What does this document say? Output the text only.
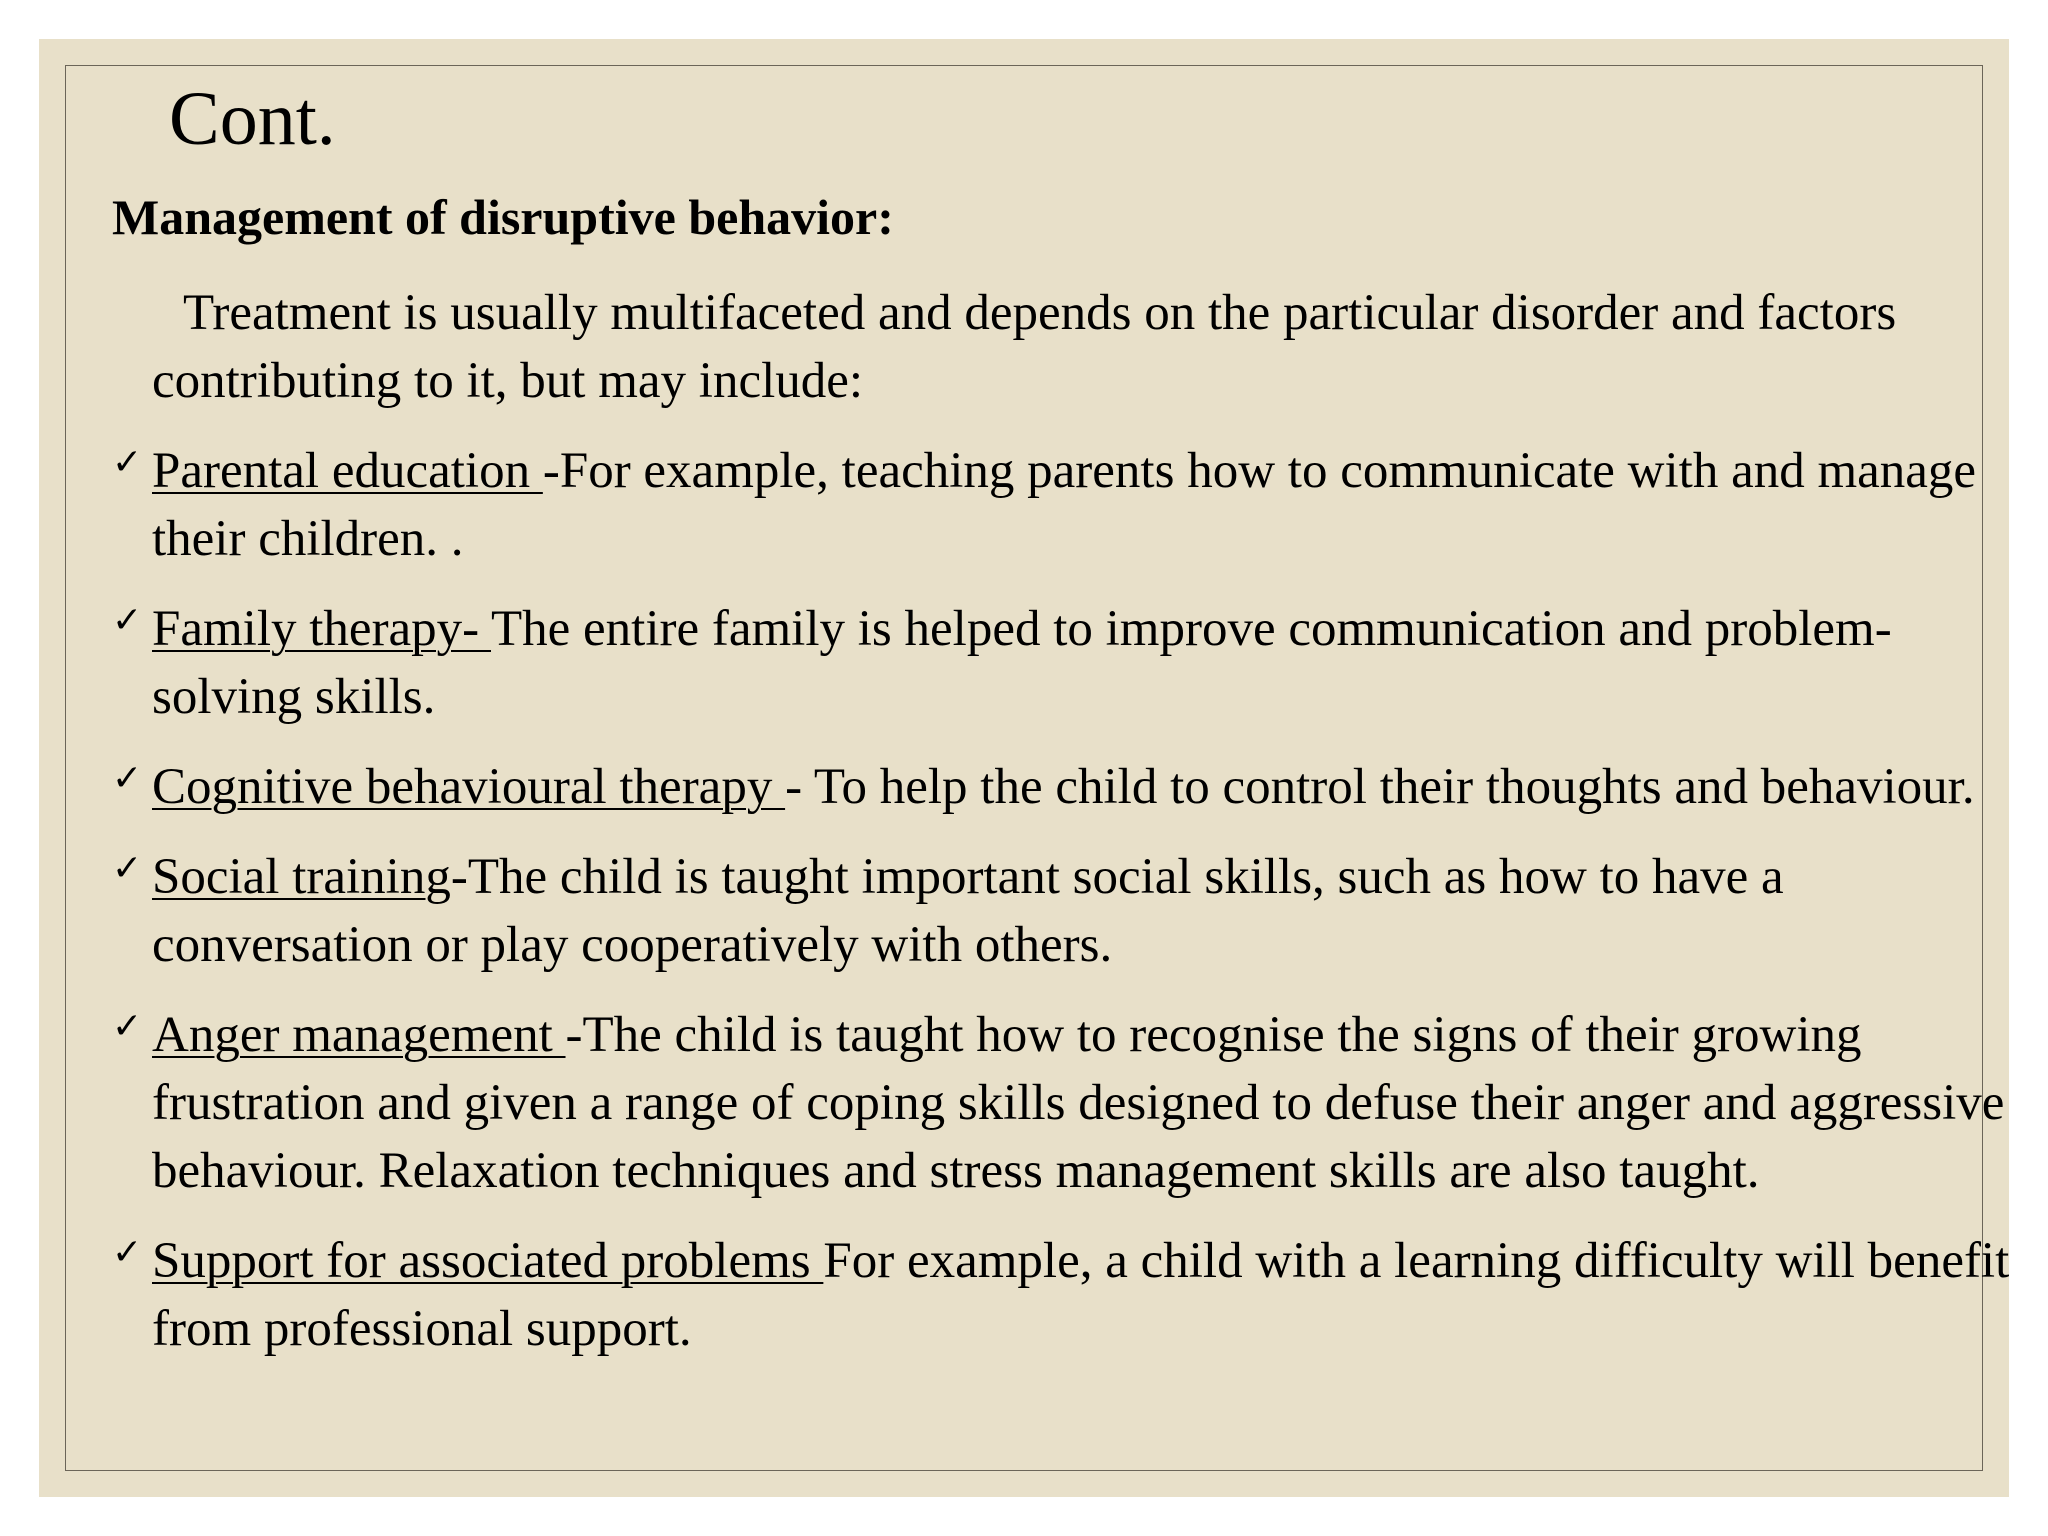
Cont.

Management of disruptive behavior:

Treatment is usually multifaceted and depends on the particular disorder and factors contributing to it, but may include:

✓ Parental education -For example, teaching parents how to communicate with and manage their children. .
✓ Family therapy- The entire family is helped to improve communication and problem-solving skills.
✓ Cognitive behavioural therapy - To help the child to control their thoughts and behaviour.
✓ Social training-The child is taught important social skills, such as how to have a conversation or play cooperatively with others.
✓ Anger management -The child is taught how to recognise the signs of their growing frustration and given a range of coping skills designed to defuse their anger and aggressive behaviour. Relaxation techniques and stress management skills are also taught.
✓ Support for associated problems For example, a child with a learning difficulty will benefit from professional support.
